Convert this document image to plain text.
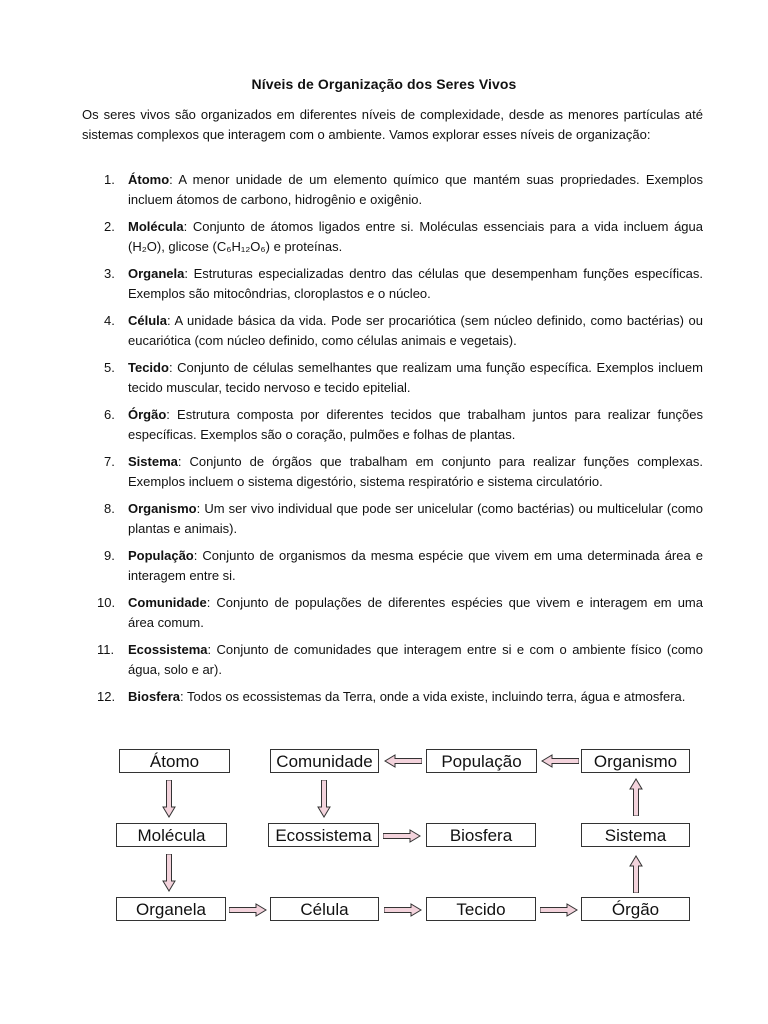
Níveis de Organização dos Seres Vivos

Os seres vivos são organizados em diferentes níveis de complexidade, desde as menores partículas até sistemas complexos que interagem com o ambiente. Vamos explorar esses níveis de organização:

1. Átomo: A menor unidade de um elemento químico que mantém suas propriedades. Exemplos incluem átomos de carbono, hidrogênio e oxigênio.
2. Molécula: Conjunto de átomos ligados entre si. Moléculas essenciais para a vida incluem água (H₂O), glicose (C₆H₁₂O₆) e proteínas.
3. Organela: Estruturas especializadas dentro das células que desempenham funções específicas. Exemplos são mitocôndrias, cloroplastos e o núcleo.
4. Célula: A unidade básica da vida. Pode ser procariótica (sem núcleo definido, como bactérias) ou eucariótica (com núcleo definido, como células animais e vegetais).
5. Tecido: Conjunto de células semelhantes que realizam uma função específica. Exemplos incluem tecido muscular, tecido nervoso e tecido epitelial.
6. Órgão: Estrutura composta por diferentes tecidos que trabalham juntos para realizar funções específicas. Exemplos são o coração, pulmões e folhas de plantas.
7. Sistema: Conjunto de órgãos que trabalham em conjunto para realizar funções complexas. Exemplos incluem o sistema digestório, sistema respiratório e sistema circulatório.
8. Organismo: Um ser vivo individual que pode ser unicelular (como bactérias) ou multicelular (como plantas e animais).
9. População: Conjunto de organismos da mesma espécie que vivem em uma determinada área e interagem entre si.
10. Comunidade: Conjunto de populações de diferentes espécies que vivem e interagem em uma área comum.
11. Ecossistema: Conjunto de comunidades que interagem entre si e com o ambiente físico (como água, solo e ar).
12. Biosfera: Todos os ecossistemas da Terra, onde a vida existe, incluindo terra, água e atmosfera.
Átomo	Comunidade	População	Organismo
Molécula	Ecossistema	Biosfera	Sistema
Organela	Célula	Tecido	Órgão
